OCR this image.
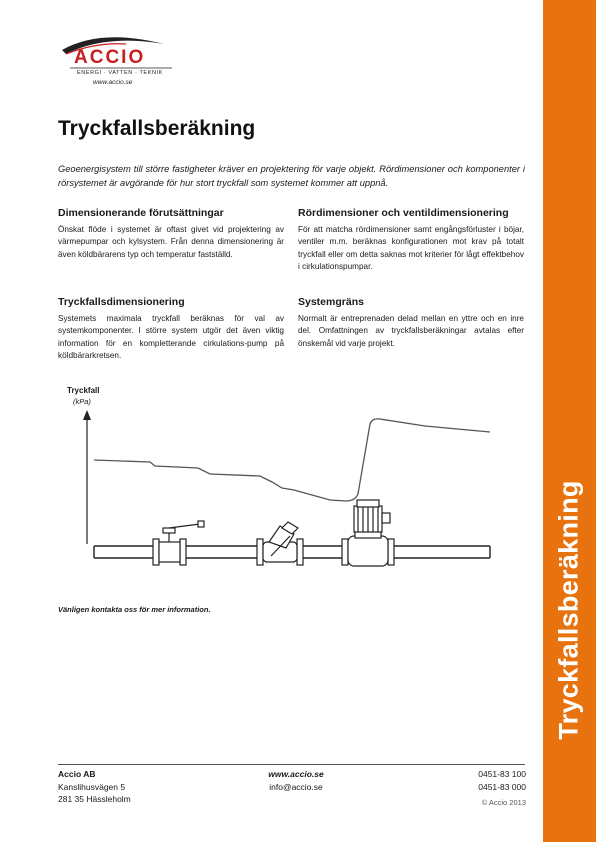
Tryckfallsberäkning
ACCIO
ENERGI · VATTEN · TEKNIK
www.accio.se
Tryckfallsberäkning
Geoenergisystem till större fastigheter kräver en projektering för varje objekt. Rördimensioner och komponenter i rörsystemet är avgörande för hur stort tryckfall som systemet kommer att uppnå.
Dimensionerande förutsättningar

Önskat flöde i systemet är oftast givet vid projektering av värmepumpar och kylsystem. Från denna dimensionering är även köldbärarens typ och temperatur fastställd.

Tryckfallsdimensionering

Systemets maximala tryckfall beräknas för val av systemkomponenter. I större system utgör det även viktig information för en kompletterande cirkulations-pump på köldbärarkretsen.

Rördimensioner och ventildimensionering

För att matcha rördimensioner samt engångsförluster i böjar, ventiler m.m. beräknas konfigurationen mot krav på totalt tryckfall eller om detta saknas mot kriterier för lågt effektbehov i cirkulationspumpar.

Systemgräns

Normalt är entreprenaden delad mellan en yttre och en inre del. Omfattningen av tryckfallsberäkningar avtalas efter önskemål vid varje projekt.

Tryckfall
(kPa)
Vänligen kontakta oss för mer information.
Accio AB
Kanslihusvägen 5
281 35 Hässleholm
www.accio.se
info@accio.se
0451-83 100
0451-83 000
© Accio 2013
